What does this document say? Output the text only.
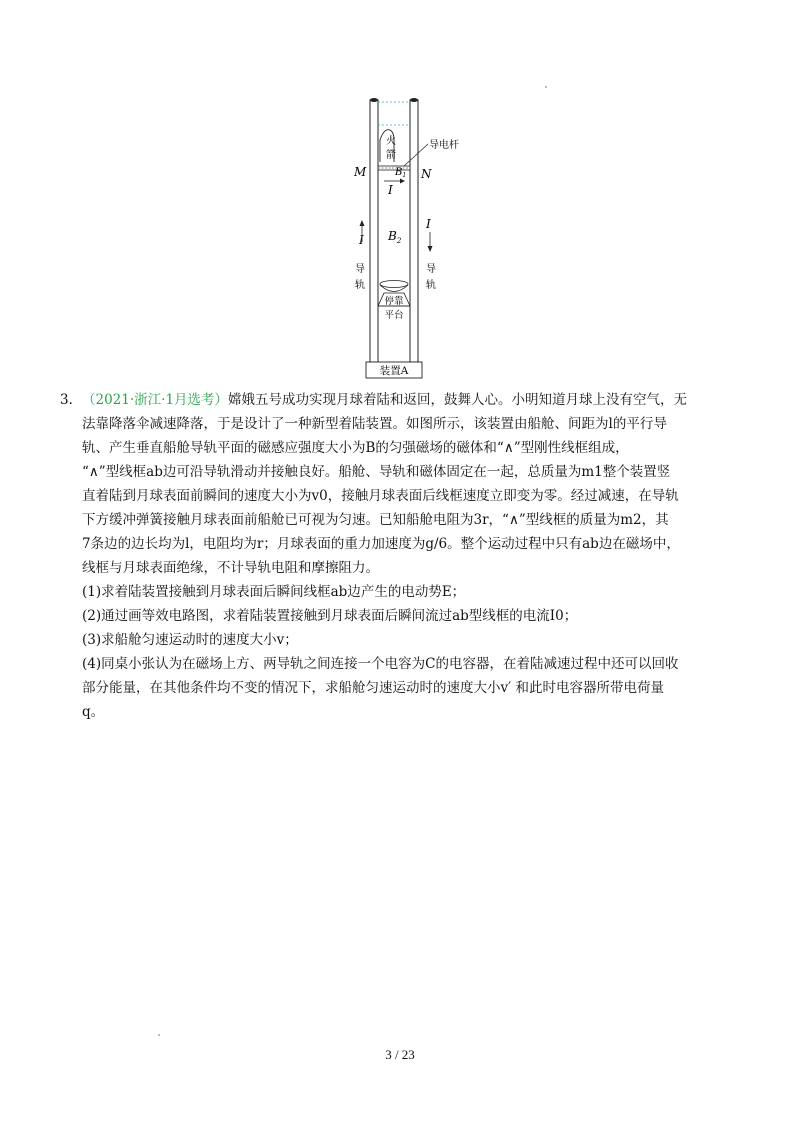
火
箭
导电杆
M	N
$B_1$
I
$B_2$
I
导
轨
I
导
轨
停靠
平台
装置A
3．（2021·浙江·1月选考）嫦娥五号成功实现月球着陆和返回，鼓舞人心。小明知道月球上没有空气，无
法靠降落伞减速降落，于是设计了一种新型着陆装置。如图所示，该装置由船舱、间距为l的平行导
轨、产生垂直船舱导轨平面的磁感应强度大小为B的匀强磁场的磁体和“∧”型刚性线框组成，
“∧”型线框ab边可沿导轨滑动并接触良好。船舱、导轨和磁体固定在一起，总质量为m1整个装置竖
直着陆到月球表面前瞬间的速度大小为v0，接触月球表面后线框速度立即变为零。经过减速，在导轨
下方缓冲弹簧接触月球表面前船舱已可视为匀速。已知船舱电阻为3r，“∧”型线框的质量为m2，其
7条边的边长均为l，电阻均为r；月球表面的重力加速度为g/6。整个运动过程中只有ab边在磁场中，
线框与月球表面绝缘，不计导轨电阻和摩擦阻力。
(1)求着陆装置接触到月球表面后瞬间线框ab边产生的电动势E；
(2)通过画等效电路图，求着陆装置接触到月球表面后瞬间流过ab型线框的电流I0；
(3)求船舱匀速运动时的速度大小v；
(4)同桌小张认为在磁场上方、两导轨之间连接一个电容为C的电容器，在着陆减速过程中还可以回收
部分能量，在其他条件均不变的情况下，求船舱匀速运动时的速度大小v′ 和此时电容器所带电荷量
q。
3 / 23
